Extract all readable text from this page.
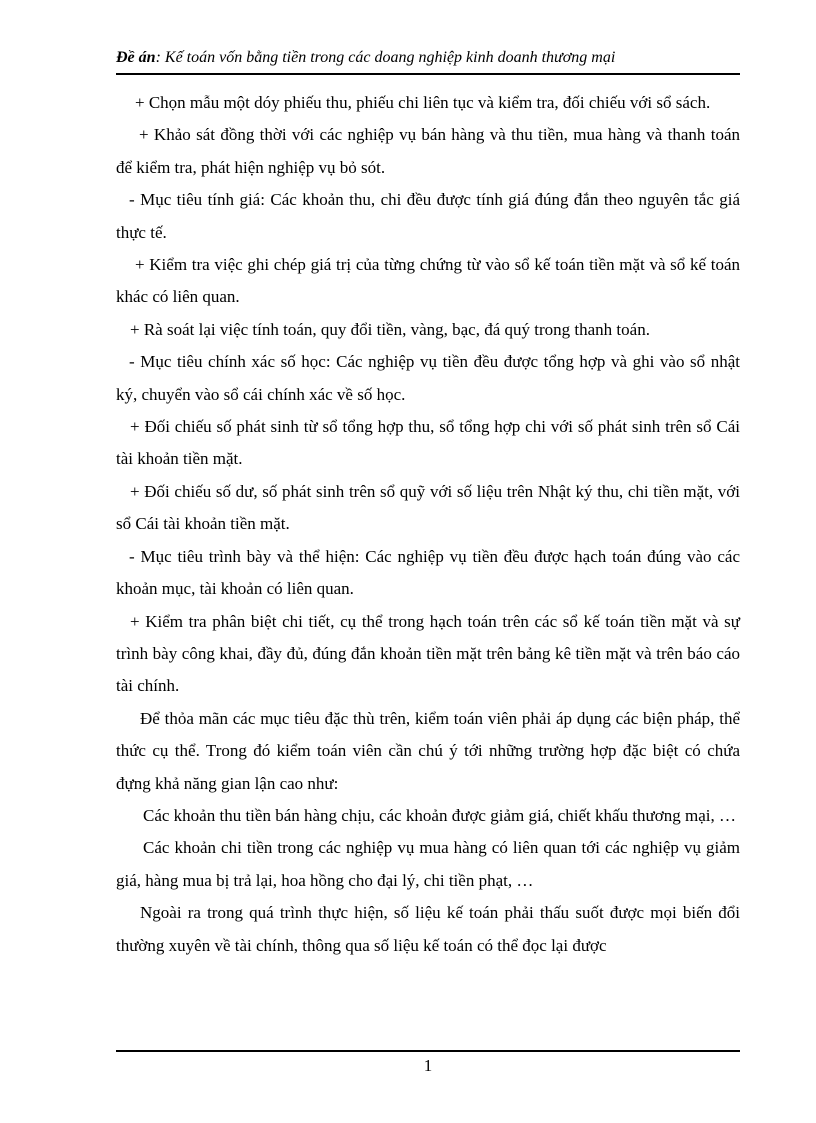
Đề án: Kế toán vốn bằng tiền trong các doang nghiệp kinh doanh thương mại

+ Chọn mẫu một dóy phiếu thu, phiếu chi liên tục và kiểm tra, đối chiếu với sổ sách.

+ Khảo sát đồng thời với các nghiệp vụ bán hàng và thu tiền, mua hàng và thanh toán để kiểm tra, phát hiện nghiệp vụ bỏ sót.

- Mục tiêu tính giá: Các khoản thu, chi đều được tính giá đúng đắn theo nguyên tắc giá thực tế.

+ Kiểm tra việc ghi chép giá trị của từng chứng từ vào sổ kế toán tiền mặt và sổ kế toán khác có liên quan.

+ Rà soát lại việc tính toán, quy đổi tiền, vàng, bạc, đá quý trong thanh toán.

- Mục tiêu chính xác số học: Các nghiệp vụ tiền đều được tổng hợp và ghi vào sổ nhật ký, chuyển vào sổ cái chính xác về số học.

+ Đối chiếu số phát sinh từ sổ tổng hợp thu, sổ tổng hợp chi với số phát sinh trên sổ Cái tài khoản tiền mặt.

+ Đối chiếu số dư, số phát sinh trên sổ quỹ với số liệu trên Nhật ký thu, chi tiền mặt, với sổ Cái tài khoản tiền mặt.

- Mục tiêu trình bày và thể hiện: Các nghiệp vụ tiền đều được hạch toán đúng vào các khoản mục, tài khoản có liên quan.

+ Kiểm tra phân biệt chi tiết, cụ thể trong hạch toán trên các sổ kế toán tiền mặt và sự trình bày công khai, đầy đủ, đúng đắn khoản tiền mặt trên bảng kê tiền mặt và trên báo cáo tài chính.

Để thỏa mãn các mục tiêu đặc thù trên, kiểm toán viên phải áp dụng các biện pháp, thể thức cụ thể. Trong đó kiểm toán viên cần chú ý tới những trường hợp đặc biệt có chứa đựng khả năng gian lận cao như:

Các khoản thu tiền bán hàng chịu, các khoản được giảm giá, chiết khấu thương mại, …

Các khoản chi tiền trong các nghiệp vụ mua hàng có liên quan tới các nghiệp vụ giảm giá, hàng mua bị trả lại, hoa hồng cho đại lý, chi tiền phạt, …

Ngoài ra trong quá trình thực hiện, số liệu kế toán phải thấu suốt được mọi biến đổi thường xuyên về tài chính, thông qua số liệu kế toán có thể đọc lại được

1
